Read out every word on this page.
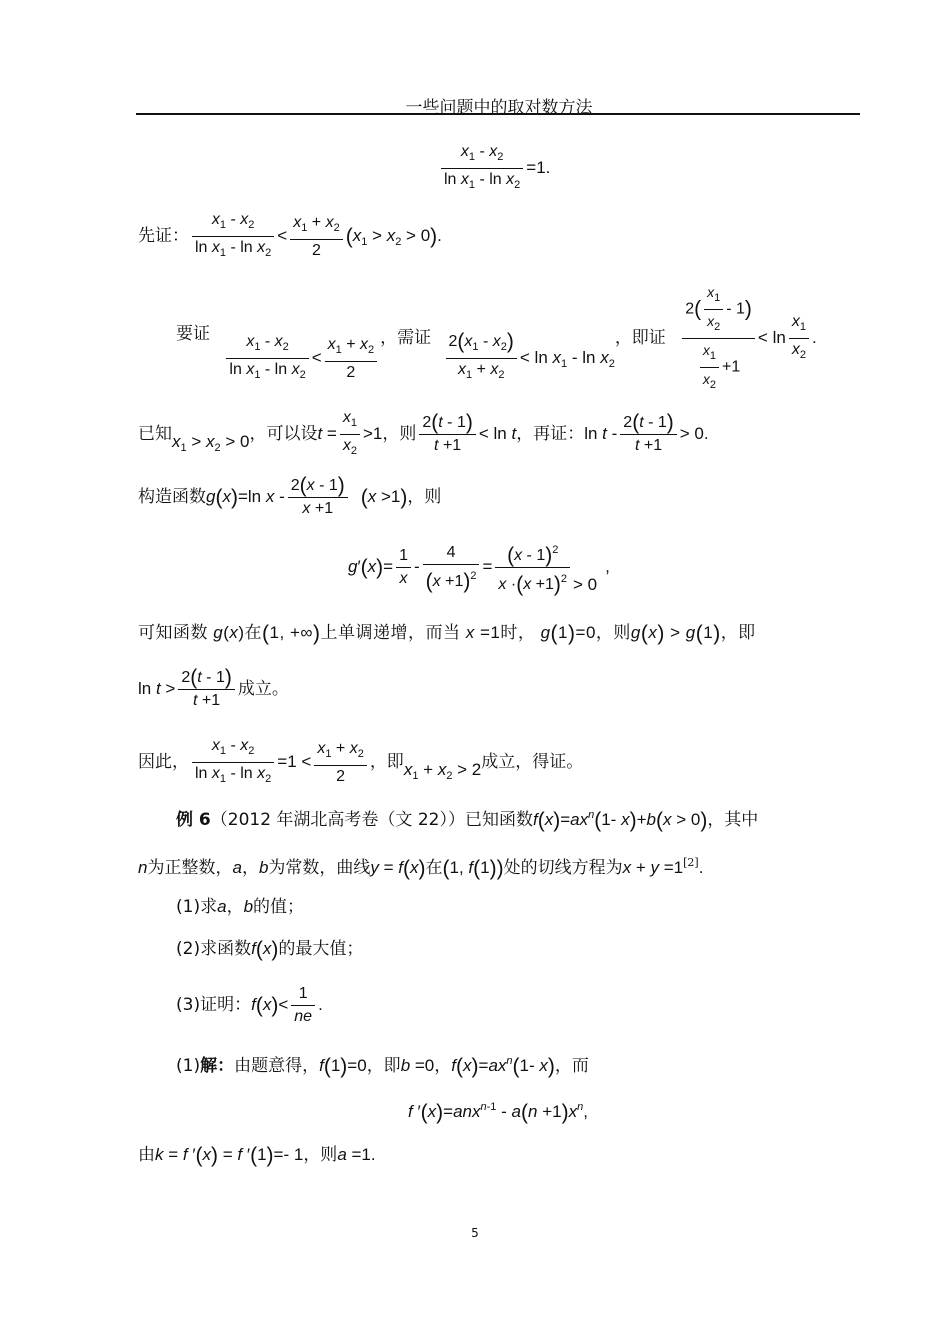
一些问题中的取对数方法
$\frac{x_1 - x_2}{\ln x_1 - \ln x_2} =1$.
先证： $\frac{x_1 - x_2}{\ln x_1 - \ln x_2} < \frac{x_1 + x_2}{2} (x_1 > x_2 > 0)$.
要证 $\frac{x_1 - x_2}{\ln x_1 - \ln x_2} < \frac{x_1 + x_2}{2}$ ，需证 $\frac{2(x_1 - x_2)}{x_1 + x_2} < \ln x_1 - \ln x_2$，即证 $\frac{2( \frac{x_1}{x_2} - 1)}{\frac{x_1}{x_2} +1} < \ln \frac{x_1}{x_2}$ .
已知$x_1 > x_2 > 0$，可以设$t = \frac{x_1}{x_2} >1$，则 $\frac{2(t - 1)}{t +1} < \ln t$，再证：$\ln t - \frac{2(t - 1)}{t +1} > 0$.
构造函数g(x)=ln $x - \frac{2(x - 1)}{x +1} (x >1)$，则
$g'(x)= \frac{1}{x} - \frac{4}{(x +1)^2} = \frac{(x - 1)^2}{x \cdot(x +1)^2} > 0$,
可知函数 g(x)在(1, +∞)上单调递增，而当 x =1时， g(1)=0，则g(x) > g(1)，即
$\ln t > \frac{2(t - 1)}{t +1}$ 成立。
因此， $\frac{x_1 - x_2}{\ln x_1 - \ln x_2} =1 < \frac{x_1 + x_2}{2}$ ，即$x_1 + x_2 > 2$成立，得证。
例 6（2012 年湖北高考卷（文 22））已知函数$f(x)=ax^n(1-$ x)+b(x > 0)，其中
n为正整数，a，b为常数，曲线y = f(x)在(1, f(1))处的切线方程为x + y =1[2].
(1)求a，b的值；
(2)求函数f(x)的最大值；
(3)证明：$f(x)< \frac{1}{ne}$ .
(1)解：由题意得，f(1)=0，即b =0，$f(x)=ax^n(1-$ x)，而
f $'(x)=anx^{n-1} - a(n +1)x^n$,
由k = f ′(x) = f ′(1)=- 1，则a =1.
5
